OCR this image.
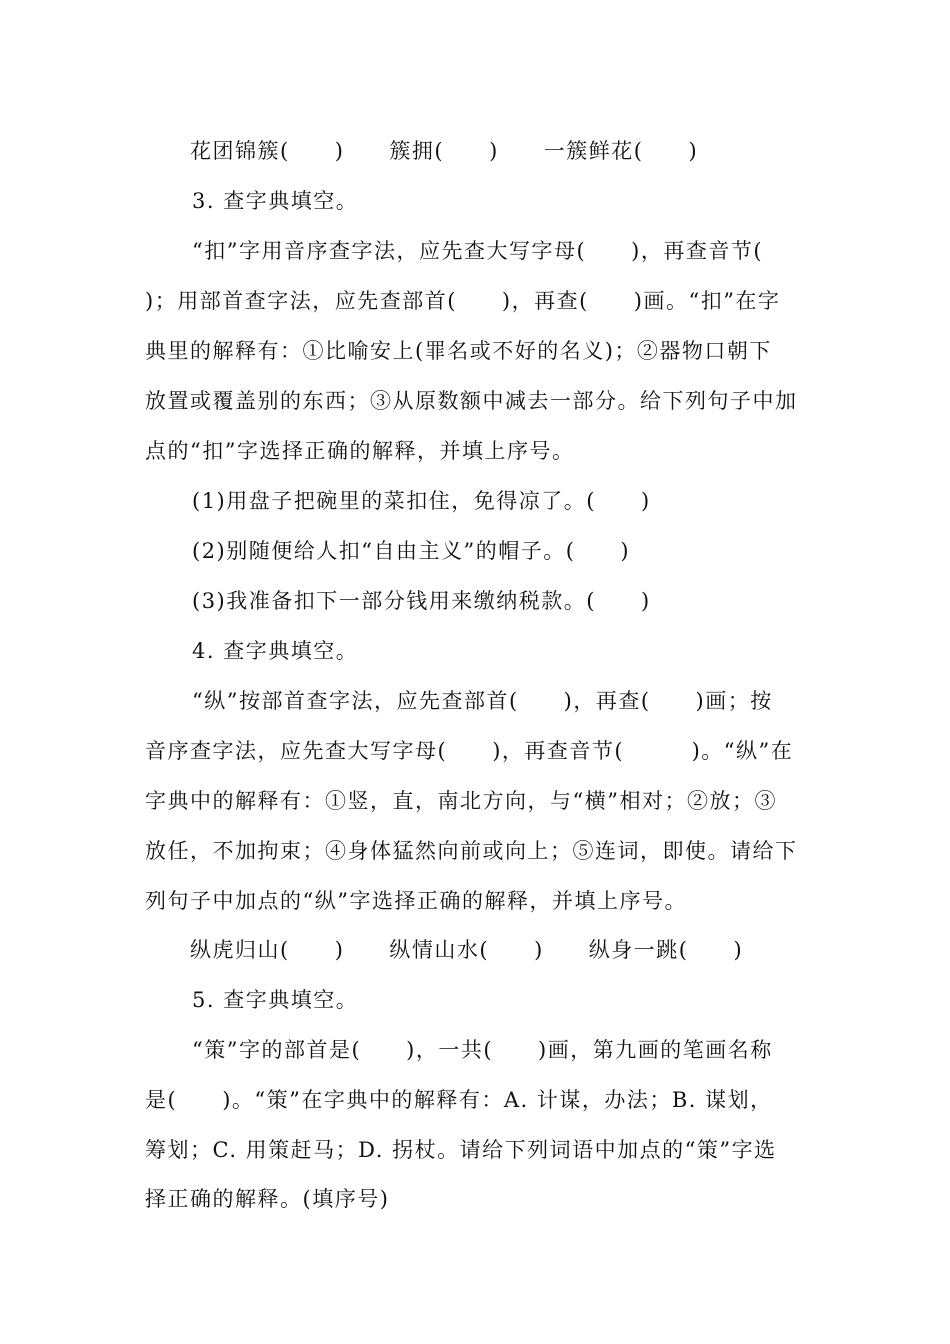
花团锦簇(　　)　　簇拥(　　)　　一簇鲜花(　　)
3. 查字典填空。
“扣”字用音序查字法，应先查大写字母(　　)，再查音节(
)；用部首查字法，应先查部首(　　)，再查(　　)画。“扣”在字
典里的解释有：①比喻安上(罪名或不好的名义)；②器物口朝下
放置或覆盖别的东西；③从原数额中减去一部分。给下列句子中加
点的“扣”字选择正确的解释，并填上序号。
(1)用盘子把碗里的菜扣住，免得凉了。(　　)
(2)别随便给人扣“自由主义”的帽子。(　　)
(3)我准备扣下一部分钱用来缴纳税款。(　　)
4. 查字典填空。
“纵”按部首查字法，应先查部首(　　)，再查(　　)画；按
音序查字法，应先查大写字母(　　)，再查音节(　　　)。“纵”在
字典中的解释有：①竖，直，南北方向，与“横”相对；②放；③
放任，不加拘束；④身体猛然向前或向上；⑤连词，即使。请给下
列句子中加点的“纵”字选择正确的解释，并填上序号。
纵虎归山(　　)　　纵情山水(　　)　　纵身一跳(　　)
5. 查字典填空。
“策”字的部首是(　　)，一共(　　)画，第九画的笔画名称
是(　　)。“策”在字典中的解释有：A. 计谋，办法；B. 谋划，
筹划；C. 用策赶马；D. 拐杖。请给下列词语中加点的“策”字选
择正确的解释。(填序号)
